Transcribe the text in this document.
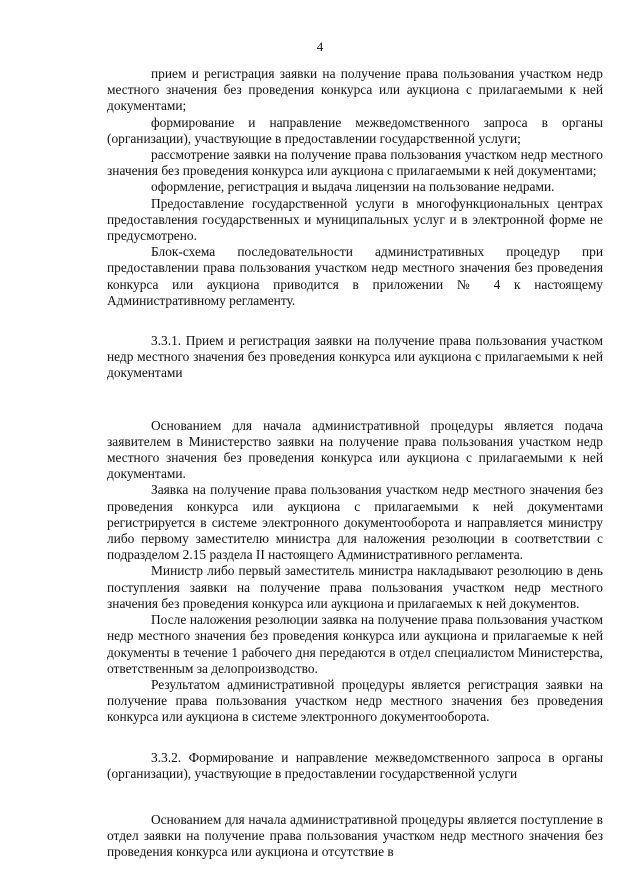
4

прием и регистрация заявки на получение права пользования участком недр местного значения без проведения конкурса или аукциона с прилагаемыми к ней документами;

формирование и направление межведомственного запроса в органы (организации), участвующие в предоставлении государственной услуги;

рассмотрение заявки на получение права пользования участком недр местного значения без проведения конкурса или аукциона с прилагаемыми к ней документами;

оформление, регистрация и выдача лицензии на пользование недрами.

Предоставление государственной услуги в многофункциональных центрах предоставления государственных и муниципальных услуг и в электронной форме не предусмотрено.

Блок-схема последовательности административных процедур при предоставлении права пользования участком недр местного значения без проведения конкурса или аукциона приводится в приложении № 4 к настоящему Административному регламенту.

3.3.1. Прием и регистрация заявки на получение права пользования участком недр местного значения без проведения конкурса или аукциона с прилагаемыми к ней документами

Основанием для начала административной процедуры является подача заявителем в Министерство заявки на получение права пользования участком недр местного значения без проведения конкурса или аукциона с прилагаемыми к ней документами.

Заявка на получение права пользования участком недр местного значения без проведения конкурса или аукциона с прилагаемыми к ней документами регистрируется в системе электронного документооборота и направляется министру либо первому заместителю министра для наложения резолюции в соответствии с подразделом 2.15 раздела II настоящего Административного регламента.

Министр либо первый заместитель министра накладывают резолюцию в день поступления заявки на получение права пользования участком недр местного значения без проведения конкурса или аукциона и прилагаемых к ней документов.

После наложения резолюции заявка на получение права пользования участком недр местного значения без проведения конкурса или аукциона и прилагаемые к ней документы в течение 1 рабочего дня передаются в отдел специалистом Министерства, ответственным за делопроизводство.

Результатом административной процедуры является регистрация заявки на получение права пользования участком недр местного значения без проведения конкурса или аукциона в системе электронного документооборота.

3.3.2. Формирование и направление межведомственного запроса в органы (организации), участвующие в предоставлении государственной услуги

Основанием для начала административной процедуры является поступление в отдел заявки на получение права пользования участком недр местного значения без проведения конкурса или аукциона и отсутствие в
